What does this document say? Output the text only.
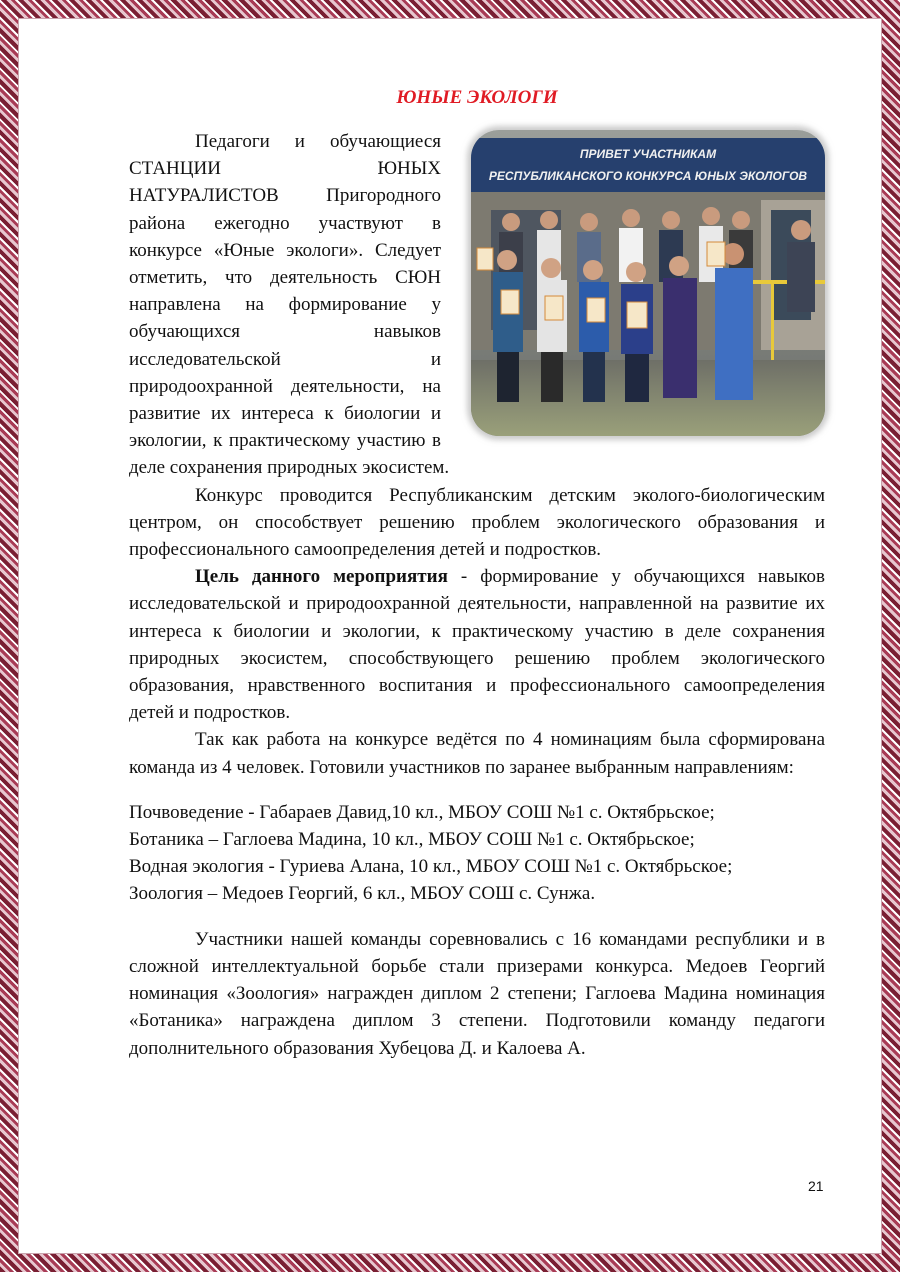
ЮНЫЕ ЭКОЛОГИ
ПРИВЕТ УЧАСТНИКАМ
РЕСПУБЛИКАНСКОГО КОНКУРСА ЮНЫХ ЭКОЛОГОВ

Педагоги и обучающиеся СТАНЦИИ ЮНЫХ НАТУРАЛИСТОВ Пригородного района ежегодно участвуют в конкурсе «Юные экологи». Следует отметить, что деятельность СЮН направлена на формирование у обучающихся навыков исследовательской и природоохранной деятельности, на развитие их интереса к биологии и экологии, к практическому участию в деле сохранения природных экосистем.

Конкурс проводится Республиканским детским эколого-биологическим центром, он способствует решению проблем экологического образования и профессионального самоопределения детей и подростков.

Цель данного мероприятия - формирование у обучающихся навыков исследовательской и природоохранной деятельности, направленной на развитие их интереса к биологии и экологии, к практическому участию в деле сохранения природных экосистем, способствующего решению проблем экологического образования, нравственного воспитания и профессионального самоопределения детей и подростков.

Так как работа на конкурсе ведётся по 4 номинациям была сформирована команда из 4 человек. Готовили участников по заранее выбранным направлениям:

Почвоведение - Габараев Давид,10 кл., МБОУ СОШ №1 с. Октябрьское;

Ботаника – Гаглоева Мадина, 10 кл., МБОУ СОШ №1 с. Октябрьское;

Водная экология - Гуриева Алана, 10 кл., МБОУ СОШ №1 с. Октябрьское;

Зоология – Медоев Георгий, 6 кл., МБОУ СОШ с. Сунжа.

Участники нашей команды соревновались с 16 командами республики и в сложной интеллектуальной борьбе стали призерами конкурса. Медоев Георгий номинация «Зоология» награжден диплом 2 степени; Гаглоева Мадина номинация «Ботаника» награждена диплом 3 степени. Подготовили команду педагоги дополнительного образования Хубецова Д. и Калоева А.

21
